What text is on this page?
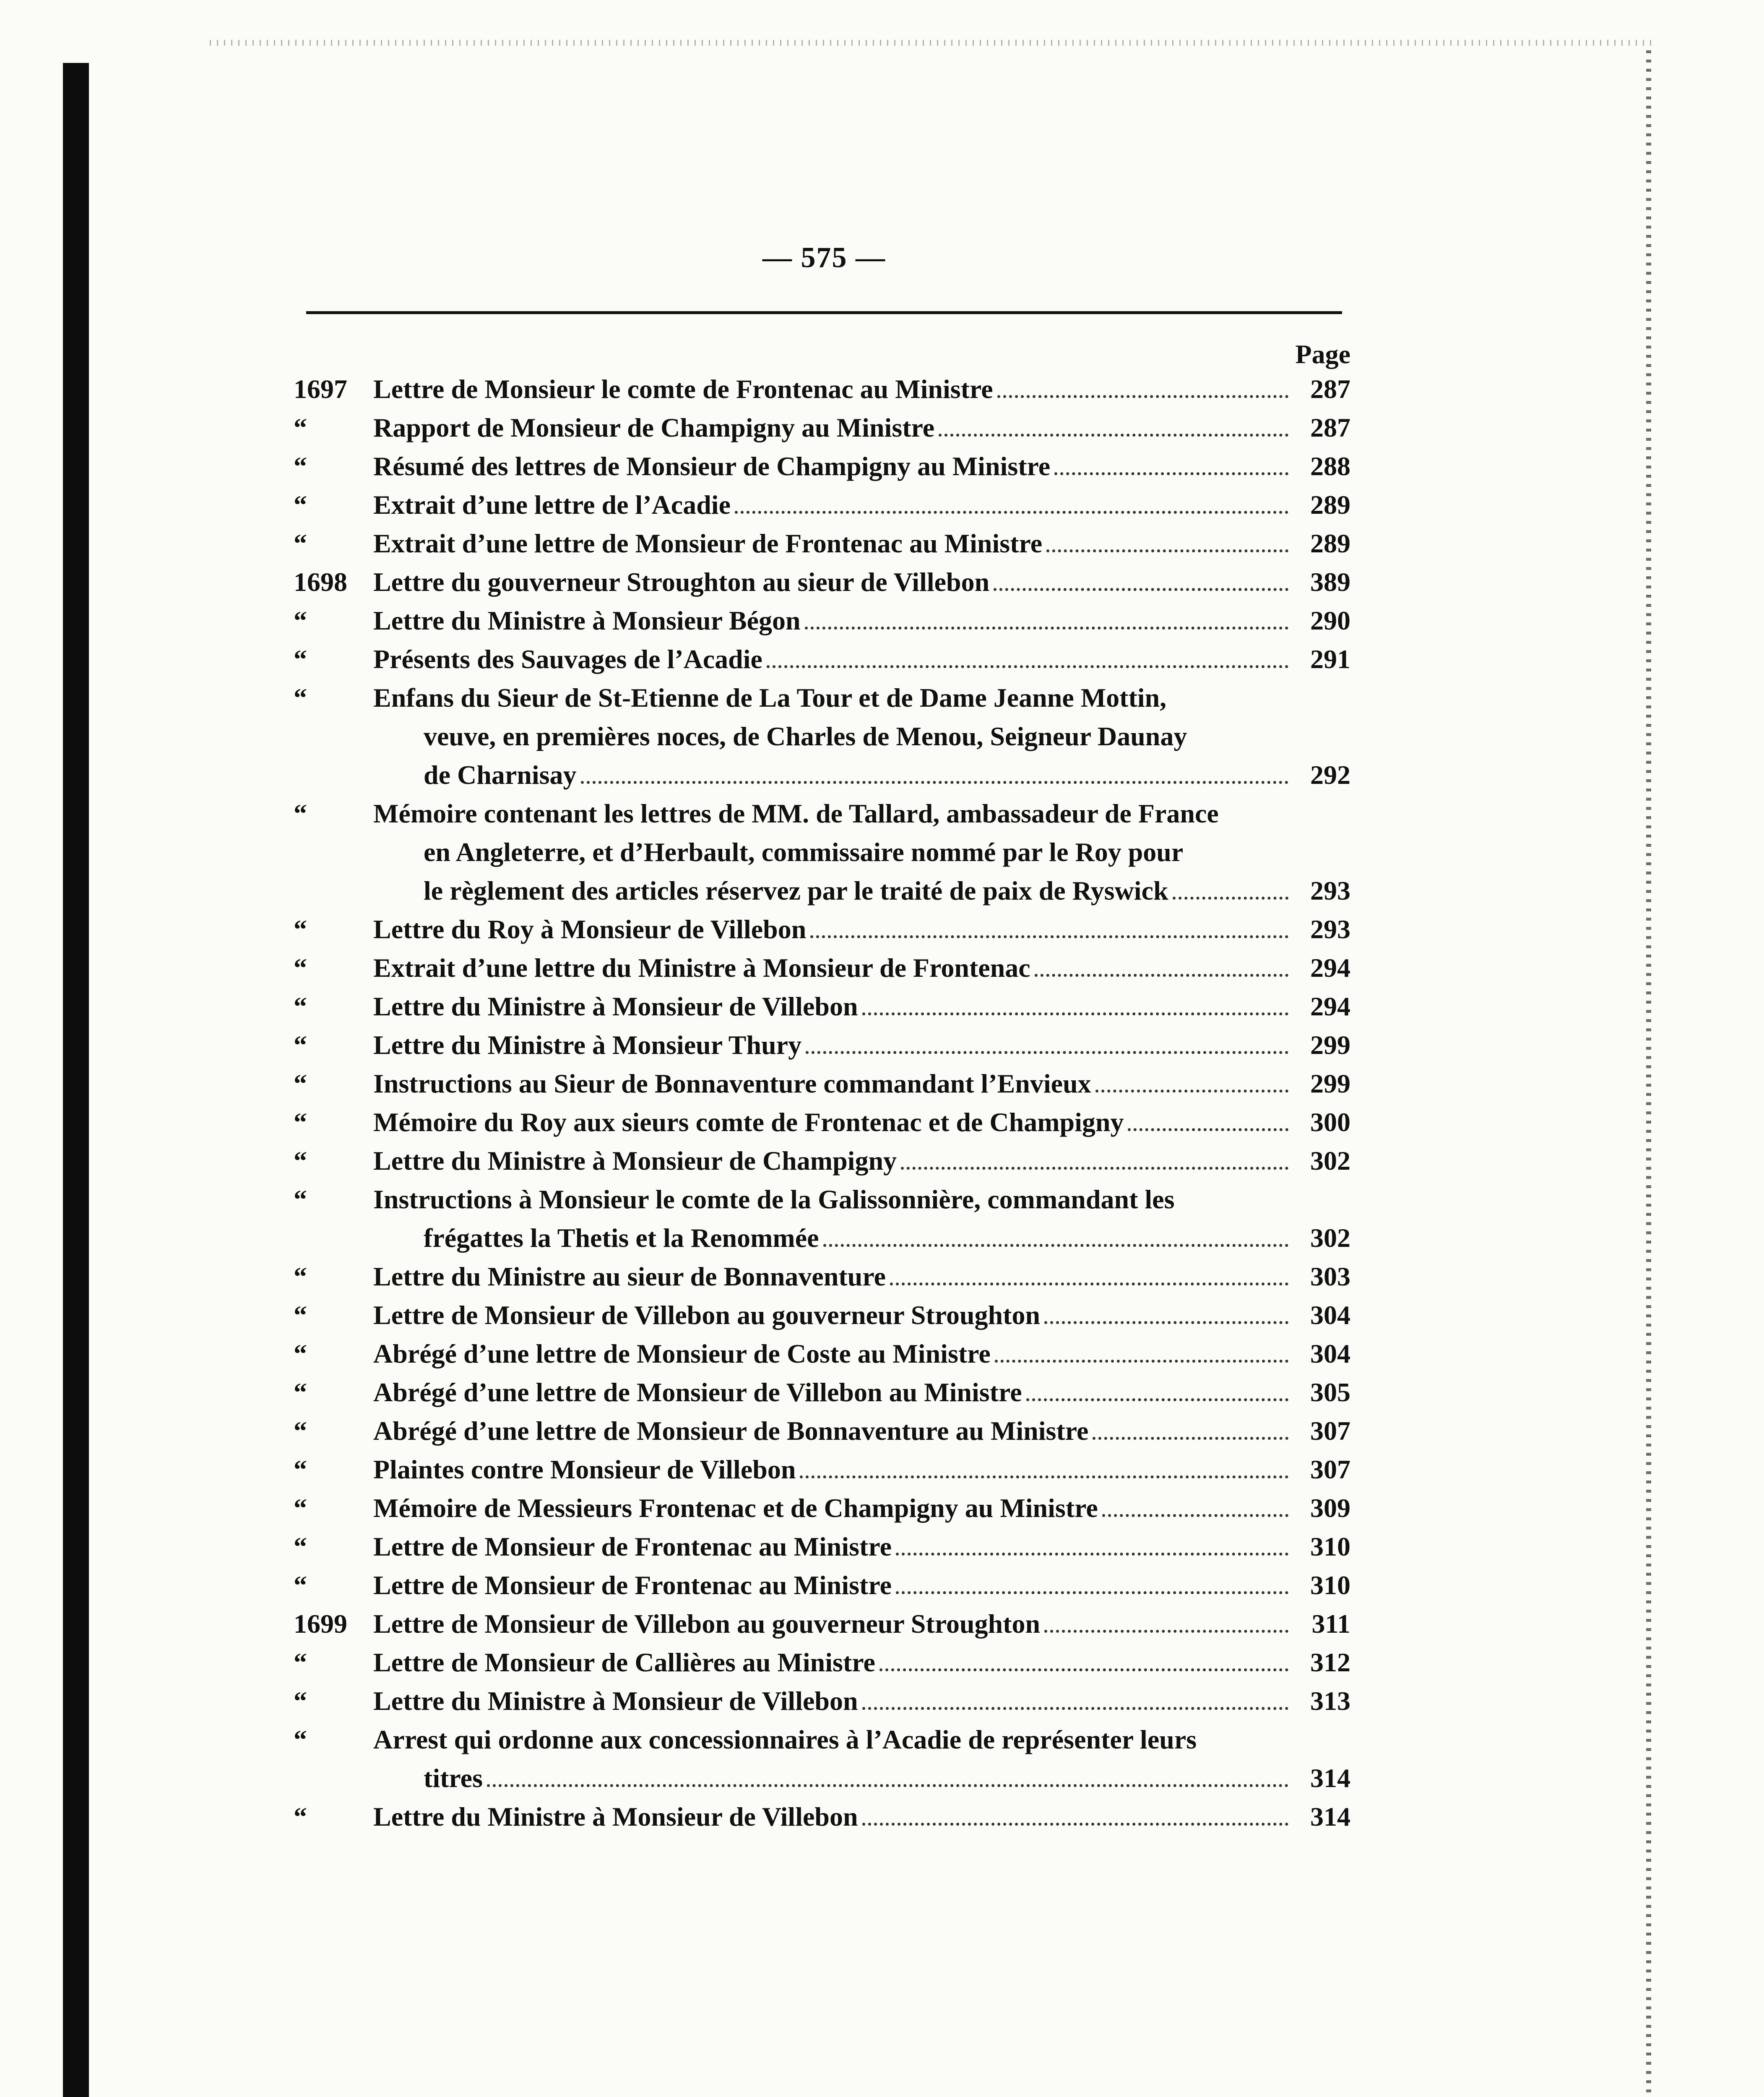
— 575 —
Page
1697 Lettre de Monsieur le comte de Frontenac au Ministre	287
“	Rapport de Monsieur de Champigny au Ministre	287
“	Résumé des lettres de Monsieur de Champigny au Ministre	288
“	Extrait d’une lettre de l’Acadie	289
“	Extrait d’une lettre de Monsieur de Frontenac au Ministre	289
1698 Lettre du gouverneur Stroughton au sieur de Villebon	389
“	Lettre du Ministre à Monsieur Bégon	290
“	Présents des Sauvages de l’Acadie	291
“	Enfans du Sieur de St-Etienne de La Tour et de Dame Jeanne Mottin,
veuve, en premières noces, de Charles de Menou, Seigneur Daunay
de Charnisay	292
“	Mémoire contenant les lettres de MM. de Tallard, ambassadeur de France
en Angleterre, et d’Herbault, commissaire nommé par le Roy pour
le règlement des articles réservez par le traité de paix de Ryswick	293
“	Lettre du Roy à Monsieur de Villebon	293
“	Extrait d’une lettre du Ministre à Monsieur de Frontenac	294
“	Lettre du Ministre à Monsieur de Villebon	294
“	Lettre du Ministre à Monsieur Thury	299
“	Instructions au Sieur de Bonnaventure commandant l’Envieux	299
“	Mémoire du Roy aux sieurs comte de Frontenac et de Champigny	300
“	Lettre du Ministre à Monsieur de Champigny	302
“	Instructions à Monsieur le comte de la Galissonnière, commandant les
frégattes la Thetis et la Renommée	302
“	Lettre du Ministre au sieur de Bonnaventure	303
“	Lettre de Monsieur de Villebon au gouverneur Stroughton	304
“	Abrégé d’une lettre de Monsieur de Coste au Ministre	304
“	Abrégé d’une lettre de Monsieur de Villebon au Ministre	305
“	Abrégé d’une lettre de Monsieur de Bonnaventure au Ministre	307
“	Plaintes contre Monsieur de Villebon	307
“	Mémoire de Messieurs Frontenac et de Champigny au Ministre	309
“	Lettre de Monsieur de Frontenac au Ministre	310
“	Lettre de Monsieur de Frontenac au Ministre	310
1699 Lettre de Monsieur de Villebon au gouverneur Stroughton	311
“	Lettre de Monsieur de Callières au Ministre	312
“	Lettre du Ministre à Monsieur de Villebon	313
“	Arrest qui ordonne aux concessionnaires à l’Acadie de représenter leurs
titres	314
“	Lettre du Ministre à Monsieur de Villebon	314
